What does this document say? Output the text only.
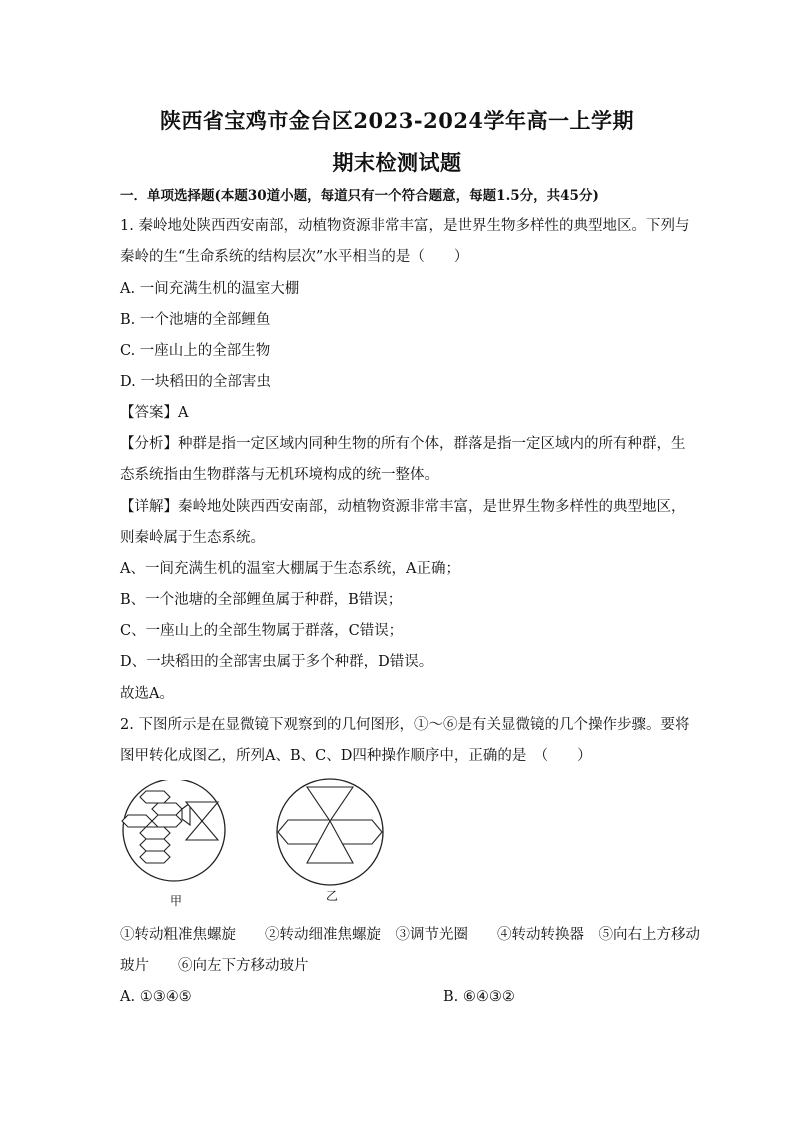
陕西省宝鸡市金台区2023-2024学年高一上学期
期末检测试题
一．单项选择题(本题30道小题，每道只有一个符合题意，每题1.5分，共45分)
1. 秦岭地处陕西西安南部，动植物资源非常丰富，是世界生物多样性的典型地区。下列与
秦岭的生“生命系统的结构层次”水平相当的是（　　）
A. 一间充满生机的温室大棚
B. 一个池塘的全部鲤鱼
C. 一座山上的全部生物
D. 一块稻田的全部害虫
【答案】A
【分析】种群是指一定区域内同种生物的所有个体，群落是指一定区域内的所有种群，生
态系统指由生物群落与无机环境构成的统一整体。
【详解】秦岭地处陕西西安南部，动植物资源非常丰富，是世界生物多样性的典型地区，
则秦岭属于生态系统。
A、一间充满生机的温室大棚属于生态系统，A正确；
B、一个池塘的全部鲤鱼属于种群，B错误；
C、一座山上的全部生物属于群落，C错误；
D、一块稻田的全部害虫属于多个种群，D错误。
故选A。
2. 下图所示是在显微镜下观察到的几何图形，①～⑥是有关显微镜的几个操作步骤。要将
图甲转化成图乙，所列A、B、C、D四种操作顺序中，正确的是　（　　）
甲	乙
①转动粗准焦螺旋　　②转动细准焦螺旋　③调节光圈　　④转动转换器　⑤向右上方移动
玻片　　⑥向左下方移动玻片
A. ①③④⑤	B. ⑥④③②
